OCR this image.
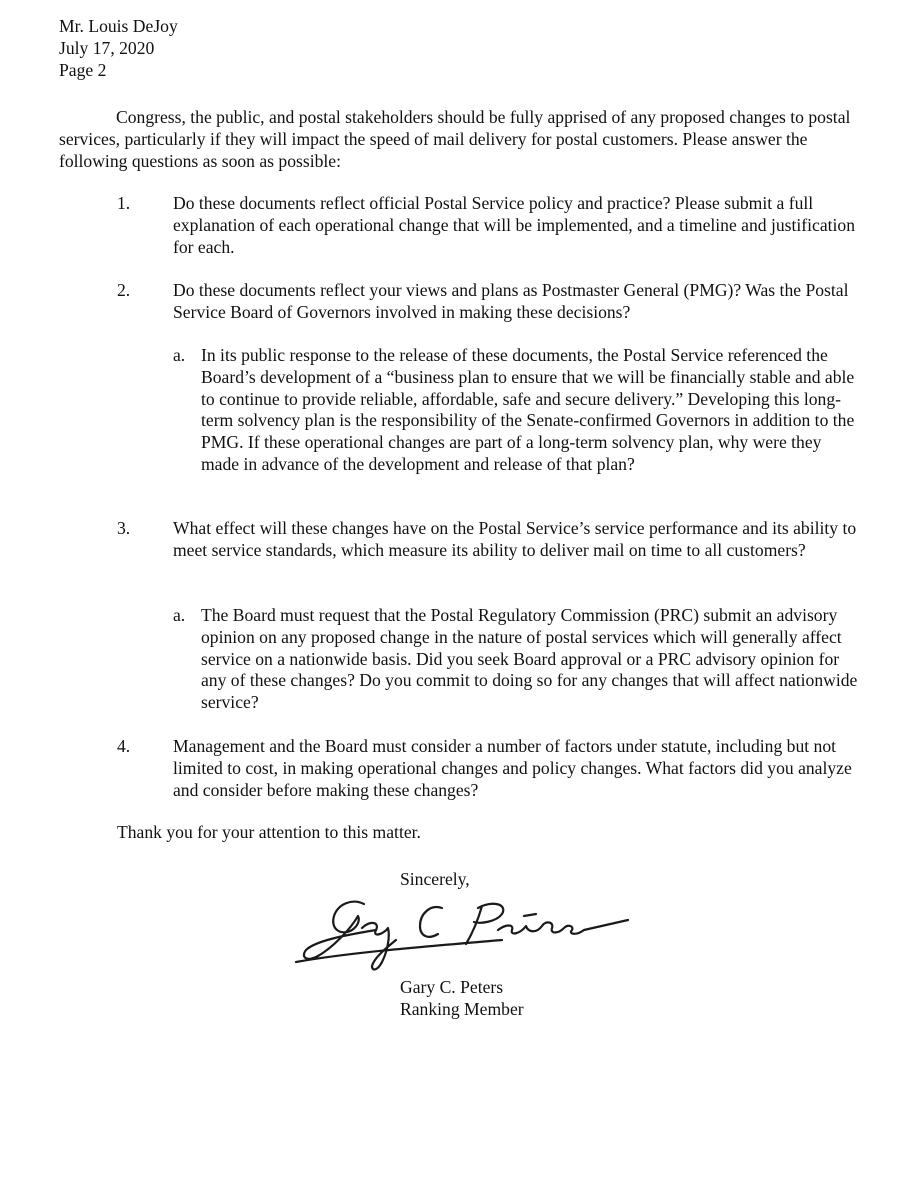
Mr. Louis DeJoy
July 17, 2020
Page 2

Congress, the public, and postal stakeholders should be fully apprised of any proposed changes to postal services, particularly if they will impact the speed of mail delivery for postal customers. Please answer the following questions as soon as possible:

1. Do these documents reflect official Postal Service policy and practice? Please submit a full explanation of each operational change that will be implemented, and a timeline and justification for each.
2. Do these documents reflect your views and plans as Postmaster General (PMG)? Was the Postal Service Board of Governors involved in making these decisions?
a. In its public response to the release of these documents, the Postal Service referenced the Board’s development of a “business plan to ensure that we will be financially stable and able to continue to provide reliable, affordable, safe and secure delivery.” Developing this long-term solvency plan is the responsibility of the Senate-confirmed Governors in addition to the PMG. If these operational changes are part of a long-term solvency plan, why were they made in advance of the development and release of that plan?
3. What effect will these changes have on the Postal Service’s service performance and its ability to meet service standards, which measure its ability to deliver mail on time to all customers?
a. The Board must request that the Postal Regulatory Commission (PRC) submit an advisory opinion on any proposed change in the nature of postal services which will generally affect service on a nationwide basis. Did you seek Board approval or a PRC advisory opinion for any of these changes? Do you commit to doing so for any changes that will affect nationwide service?
4. Management and the Board must consider a number of factors under statute, including but not limited to cost, in making operational changes and policy changes. What factors did you analyze and consider before making these changes?
Thank you for your attention to this matter.
Sincerely,
Gary C. Peters
Ranking Member
